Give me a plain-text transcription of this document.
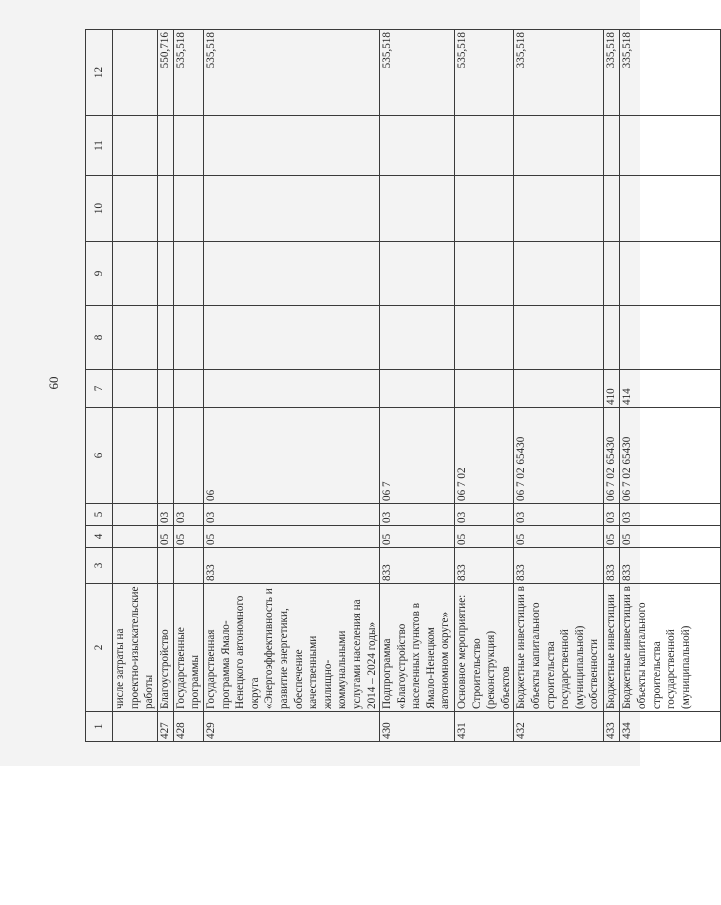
60
1	2	3	4	5	6	7	8	9	10	11	12
	числе затраты на проектно-изыскательские работы										
427	Благоустройство		05	03							550,716
428	Государственные программы		05	03							535,518
429	Государственная программа Ямало-Ненецкого автономного округа «Энергоэффективность и развитие энергетики, обеспечение качественными жилищно-коммунальными услугами населения на 2014 – 2024 годы»	833	05	03	06						535,518
430	Подпрограмма «Благоустройство населенных пунктов в Ямало-Ненецком автономном округе»	833	05	03	06 7						535,518
431	Основное мероприятие: Строительство (реконструкция) объектов	833	05	03	06 7 02						535,518
432	Бюджетные инвестиции в объекты капитального строительства государственной (муниципальной) собственности	833	05	03	06 7 02 65430						335,518
433	Бюджетные инвестиции	833	05	03	06 7 02 65430	410					335,518
434	Бюджетные инвестиции в объекты капитального строительства государственной (муниципальной)	833	05	03	06 7 02 65430	414					335,518
